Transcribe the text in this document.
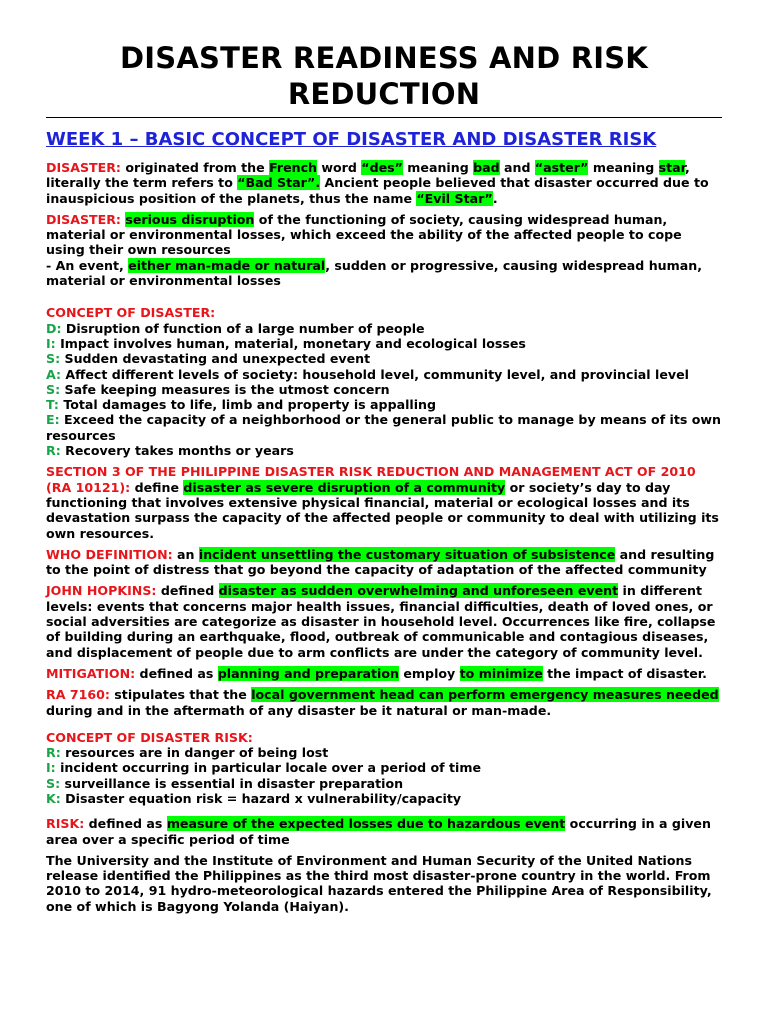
DISASTER READINESS AND RISK REDUCTION
WEEK 1 – BASIC CONCEPT OF DISASTER AND DISASTER RISK

DISASTER: originated from the French word “des” meaning bad and “aster” meaning star, literally the term refers to “Bad Star”. Ancient people believed that disaster occurred due to inauspicious position of the planets, thus the name “Evil Star”.

DISASTER: serious disruption of the functioning of society, causing widespread human, material or environmental losses, which exceed the ability of the affected people to cope using their own resources

- An event, either man-made or natural, sudden or progressive, causing widespread human, material or environmental losses

CONCEPT OF DISASTER:
D: Disruption of function of a large number of people
I: Impact involves human, material, monetary and ecological losses
S: Sudden devastating and unexpected event
A: Affect different levels of society: household level, community level, and provincial level
S: Safe keeping measures is the utmost concern
T: Total damages to life, limb and property is appalling
E: Exceed the capacity of a neighborhood or the general public to manage by means of its own resources
R: Recovery takes months or years

SECTION 3 OF THE PHILIPPINE DISASTER RISK REDUCTION AND MANAGEMENT ACT OF 2010 (RA 10121): define disaster as severe disruption of a community or society’s day to day functioning that involves extensive physical financial, material or ecological losses and its devastation surpass the capacity of the affected people or community to deal with utilizing its own resources.

WHO DEFINITION: an incident unsettling the customary situation of subsistence and resulting to the point of distress that go beyond the capacity of adaptation of the affected community

JOHN HOPKINS: defined disaster as sudden overwhelming and unforeseen event in different levels: events that concerns major health issues, financial difficulties, death of loved ones, or social adversities are categorize as disaster in household level. Occurrences like fire, collapse of building during an earthquake, flood, outbreak of communicable and contagious diseases, and displacement of people due to arm conflicts are under the category of community level.

MITIGATION: defined as planning and preparation employ to minimize the impact of disaster.

RA 7160: stipulates that the local government head can perform emergency measures needed during and in the aftermath of any disaster be it natural or man-made.

CONCEPT OF DISASTER RISK:
R: resources are in danger of being lost
I: incident occurring in particular locale over a period of time
S: surveillance is essential in disaster preparation
K: Disaster equation risk = hazard x vulnerability/capacity

RISK: defined as measure of the expected losses due to hazardous event occurring in a given area over a specific period of time

The University and the Institute of Environment and Human Security of the United Nations release identified the Philippines as the third most disaster-prone country in the world. From 2010 to 2014, 91 hydro-meteorological hazards entered the Philippine Area of Responsibility, one of which is Bagyong Yolanda (Haiyan).
